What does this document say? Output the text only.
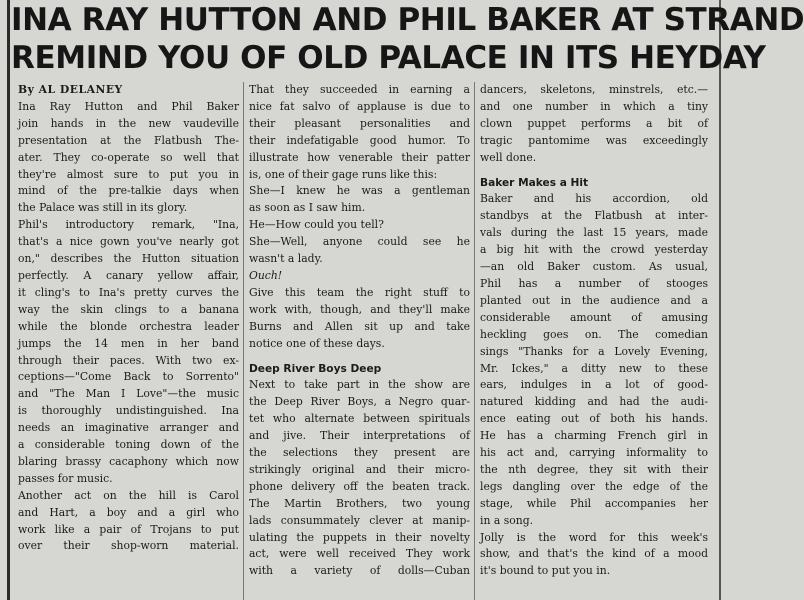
INA RAY HUTTON AND PHIL BAKER AT STRAND
REMIND YOU OF OLD PALACE IN ITS HEYDAY
By AL DELANEY
Ina Ray Hutton and Phil Baker
join hands in the new vaudeville
presentation at the Flatbush The-
ater. They co-operate so well that
they're almost sure to put you in
mind of the pre-talkie days when
the Palace was still in its glory.
Phil's introductory remark, "Ina,
that's a nice gown you've nearly got
on," describes the Hutton situation
perfectly. A canary yellow affair,
it cling's to Ina's pretty curves the
way the skin clings to a banana
while the blonde orchestra leader
jumps the 14 men in her band
through their paces. With two ex-
ceptions—"Come Back to Sorrento"
and "The Man I Love"—the music
is thoroughly undistinguished. Ina
needs an imaginative arranger and
a considerable toning down of the
blaring brassy cacaphony which now
passes for music.
Another act on the hill is Carol
and Hart, a boy and a girl who
work like a pair of Trojans to put
over their shop-worn material.
That they succeeded in earning a
nice fat salvo of applause is due to
their pleasant personalities and
their indefatigable good humor. To
illustrate how venerable their patter
is, one of their gage runs like this:
She—I knew he was a gentleman
as soon as I saw him.
He—How could you tell?
She—Well, anyone could see he
wasn't a lady.
Ouch!
Give this team the right stuff to
work with, though, and they'll make
Burns and Allen sit up and take
notice one of these days.
Deep River Boys Deep
Next to take part in the show are
the Deep River Boys, a Negro quar-
tet who alternate between spirituals
and jive. Their interpretations of
the selections they present are
strikingly original and their micro-
phone delivery off the beaten track.
The Martin Brothers, two young
lads consummately clever at manip-
ulating the puppets in their novelty
act, were well received They work
with a variety of dolls—Cuban
dancers, skeletons, minstrels, etc.—
and one number in which a tiny
clown puppet performs a bit of
tragic pantomime was exceedingly
well done.
Baker Makes a Hit
Baker and his accordion, old
standbys at the Flatbush at inter-
vals during the last 15 years, made
a big hit with the crowd yesterday
—an old Baker custom. As usual,
Phil has a number of stooges
planted out in the audience and a
considerable amount of amusing
heckling goes on. The comedian
sings "Thanks for a Lovely Evening,
Mr. Ickes," a ditty new to these
ears, indulges in a lot of good-
natured kidding and had the audi-
ence eating out of both his hands.
He has a charming French girl in
his act and, carrying informality to
the nth degree, they sit with their
legs dangling over the edge of the
stage, while Phil accompanies her
in a song.
Jolly is the word for this week's
show, and that's the kind of a mood
it's bound to put you in.
